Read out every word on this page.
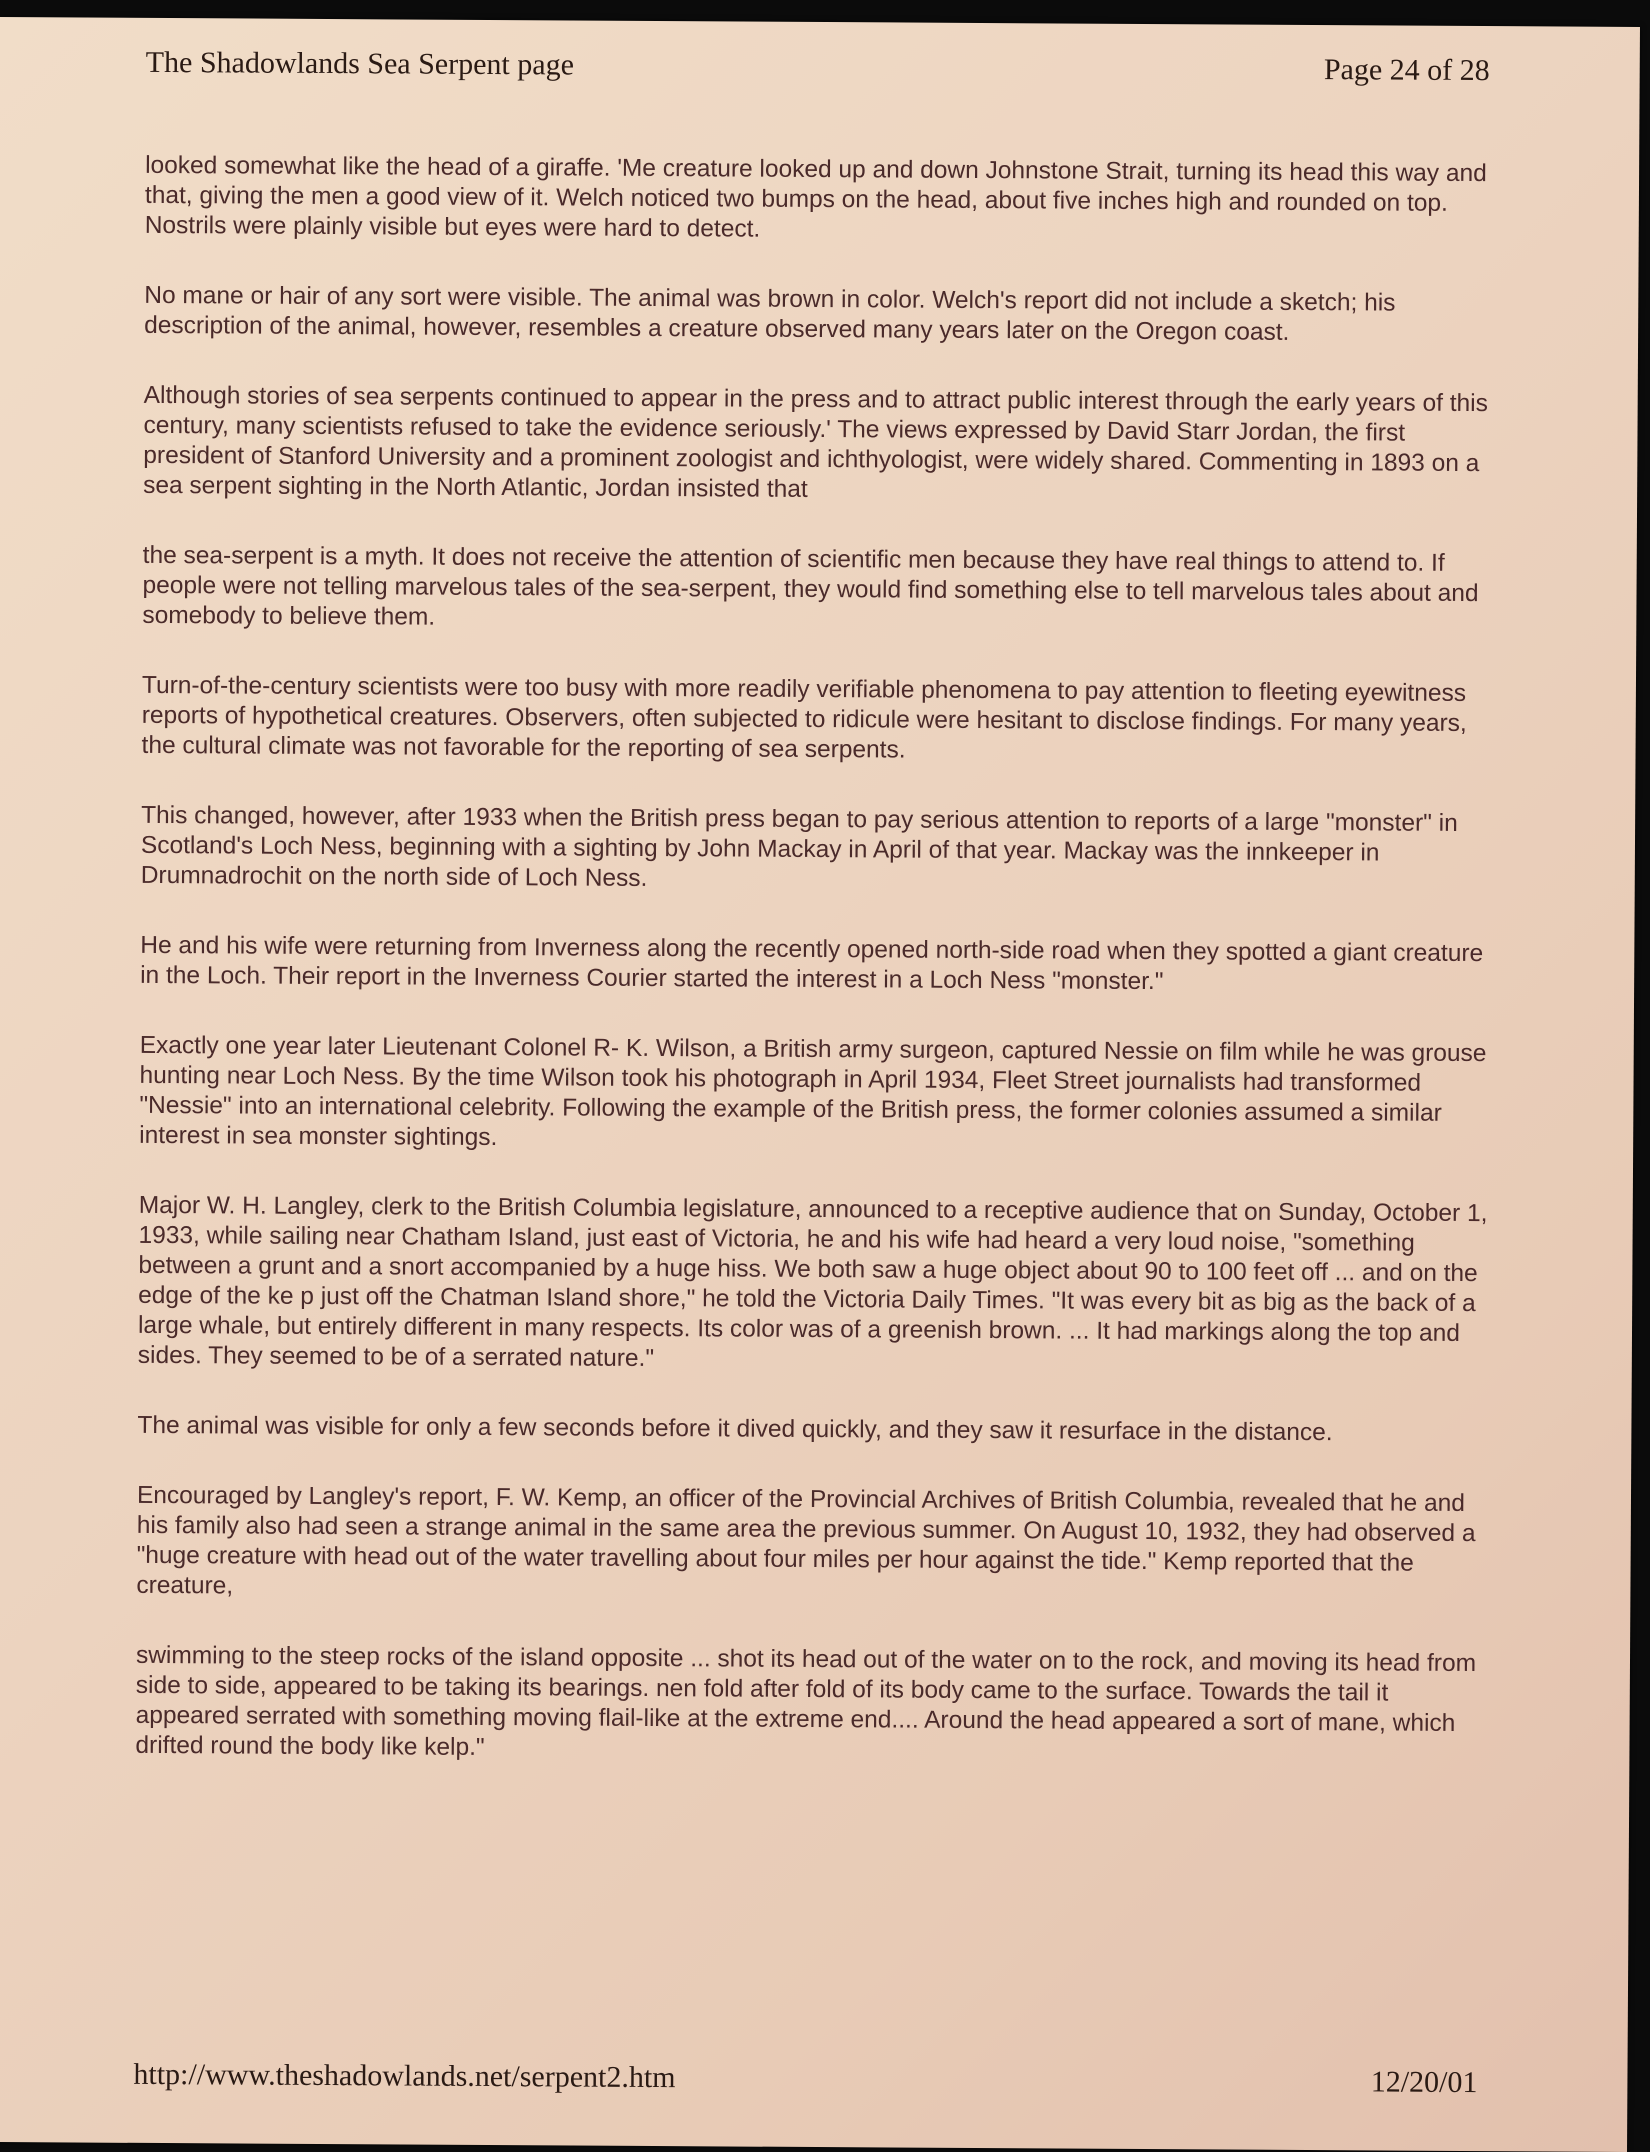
The Shadowlands Sea Serpent page	Page 24 of 28

looked somewhat like the head of a giraffe. 'Me creature looked up and down Johnstone Strait, turning its head this way and that, giving the men a good view of it. Welch noticed two bumps on the head, about five inches high and rounded on top. Nostrils were plainly visible but eyes were hard to detect.

No mane or hair of any sort were visible. The animal was brown in color. Welch's report did not include a sketch; his description of the animal, however, resembles a creature observed many years later on the Oregon coast.

Although stories of sea serpents continued to appear in the press and to attract public interest through the early years of this century, many scientists refused to take the evidence seriously.' The views expressed by David Starr Jordan, the first president of Stanford University and a prominent zoologist and ichthyologist, were widely shared. Commenting in 1893 on a sea serpent sighting in the North Atlantic, Jordan insisted that

the sea-serpent is a myth. It does not receive the attention of scientific men because they have real things to attend to. If people were not telling marvelous tales of the sea-serpent, they would find something else to tell marvelous tales about and somebody to believe them.

Turn-of-the-century scientists were too busy with more readily verifiable phenomena to pay attention to fleeting eyewitness reports of hypothetical creatures. Observers, often subjected to ridicule were hesitant to disclose findings. For many years, the cultural climate was not favorable for the reporting of sea serpents.

This changed, however, after 1933 when the British press began to pay serious attention to reports of a large "monster" in Scotland's Loch Ness, beginning with a sighting by John Mackay in April of that year. Mackay was the innkeeper in Drumnadrochit on the north side of Loch Ness.

He and his wife were returning from Inverness along the recently opened north-side road when they spotted a giant creature in the Loch. Their report in the Inverness Courier started the interest in a Loch Ness "monster."

Exactly one year later Lieutenant Colonel R- K. Wilson, a British army surgeon, captured Nessie on film while he was grouse hunting near Loch Ness. By the time Wilson took his photograph in April 1934, Fleet Street journalists had transformed "Nessie" into an international celebrity. Following the example of the British press, the former colonies assumed a similar interest in sea monster sightings.

Major W. H. Langley, clerk to the British Columbia legislature, announced to a receptive audience that on Sunday, October 1, 1933, while sailing near Chatham Island, just east of Victoria, he and his wife had heard a very loud noise, "something between a grunt and a snort accompanied by a huge hiss. We both saw a huge object about 90 to 100 feet off ... and on the edge of the ke p just off the Chatman Island shore," he told the Victoria Daily Times. "It was every bit as big as the back of a large whale, but entirely different in many respects. Its color was of a greenish brown. ... It had markings along the top and sides. They seemed to be of a serrated nature."

The animal was visible for only a few seconds before it dived quickly, and they saw it resurface in the distance.

Encouraged by Langley's report, F. W. Kemp, an officer of the Provincial Archives of British Columbia, revealed that he and his family also had seen a strange animal in the same area the previous summer. On August 10, 1932, they had observed a "huge creature with head out of the water travelling about four miles per hour against the tide." Kemp reported that the creature,

swimming to the steep rocks of the island opposite ... shot its head out of the water on to the rock, and moving its head from side to side, appeared to be taking its bearings. nen fold after fold of its body came to the surface. Towards the tail it appeared serrated with something moving flail-like at the extreme end.... Around the head appeared a sort of mane, which drifted round the body like kelp."

http://www.theshadowlands.net/serpent2.htm	12/20/01
